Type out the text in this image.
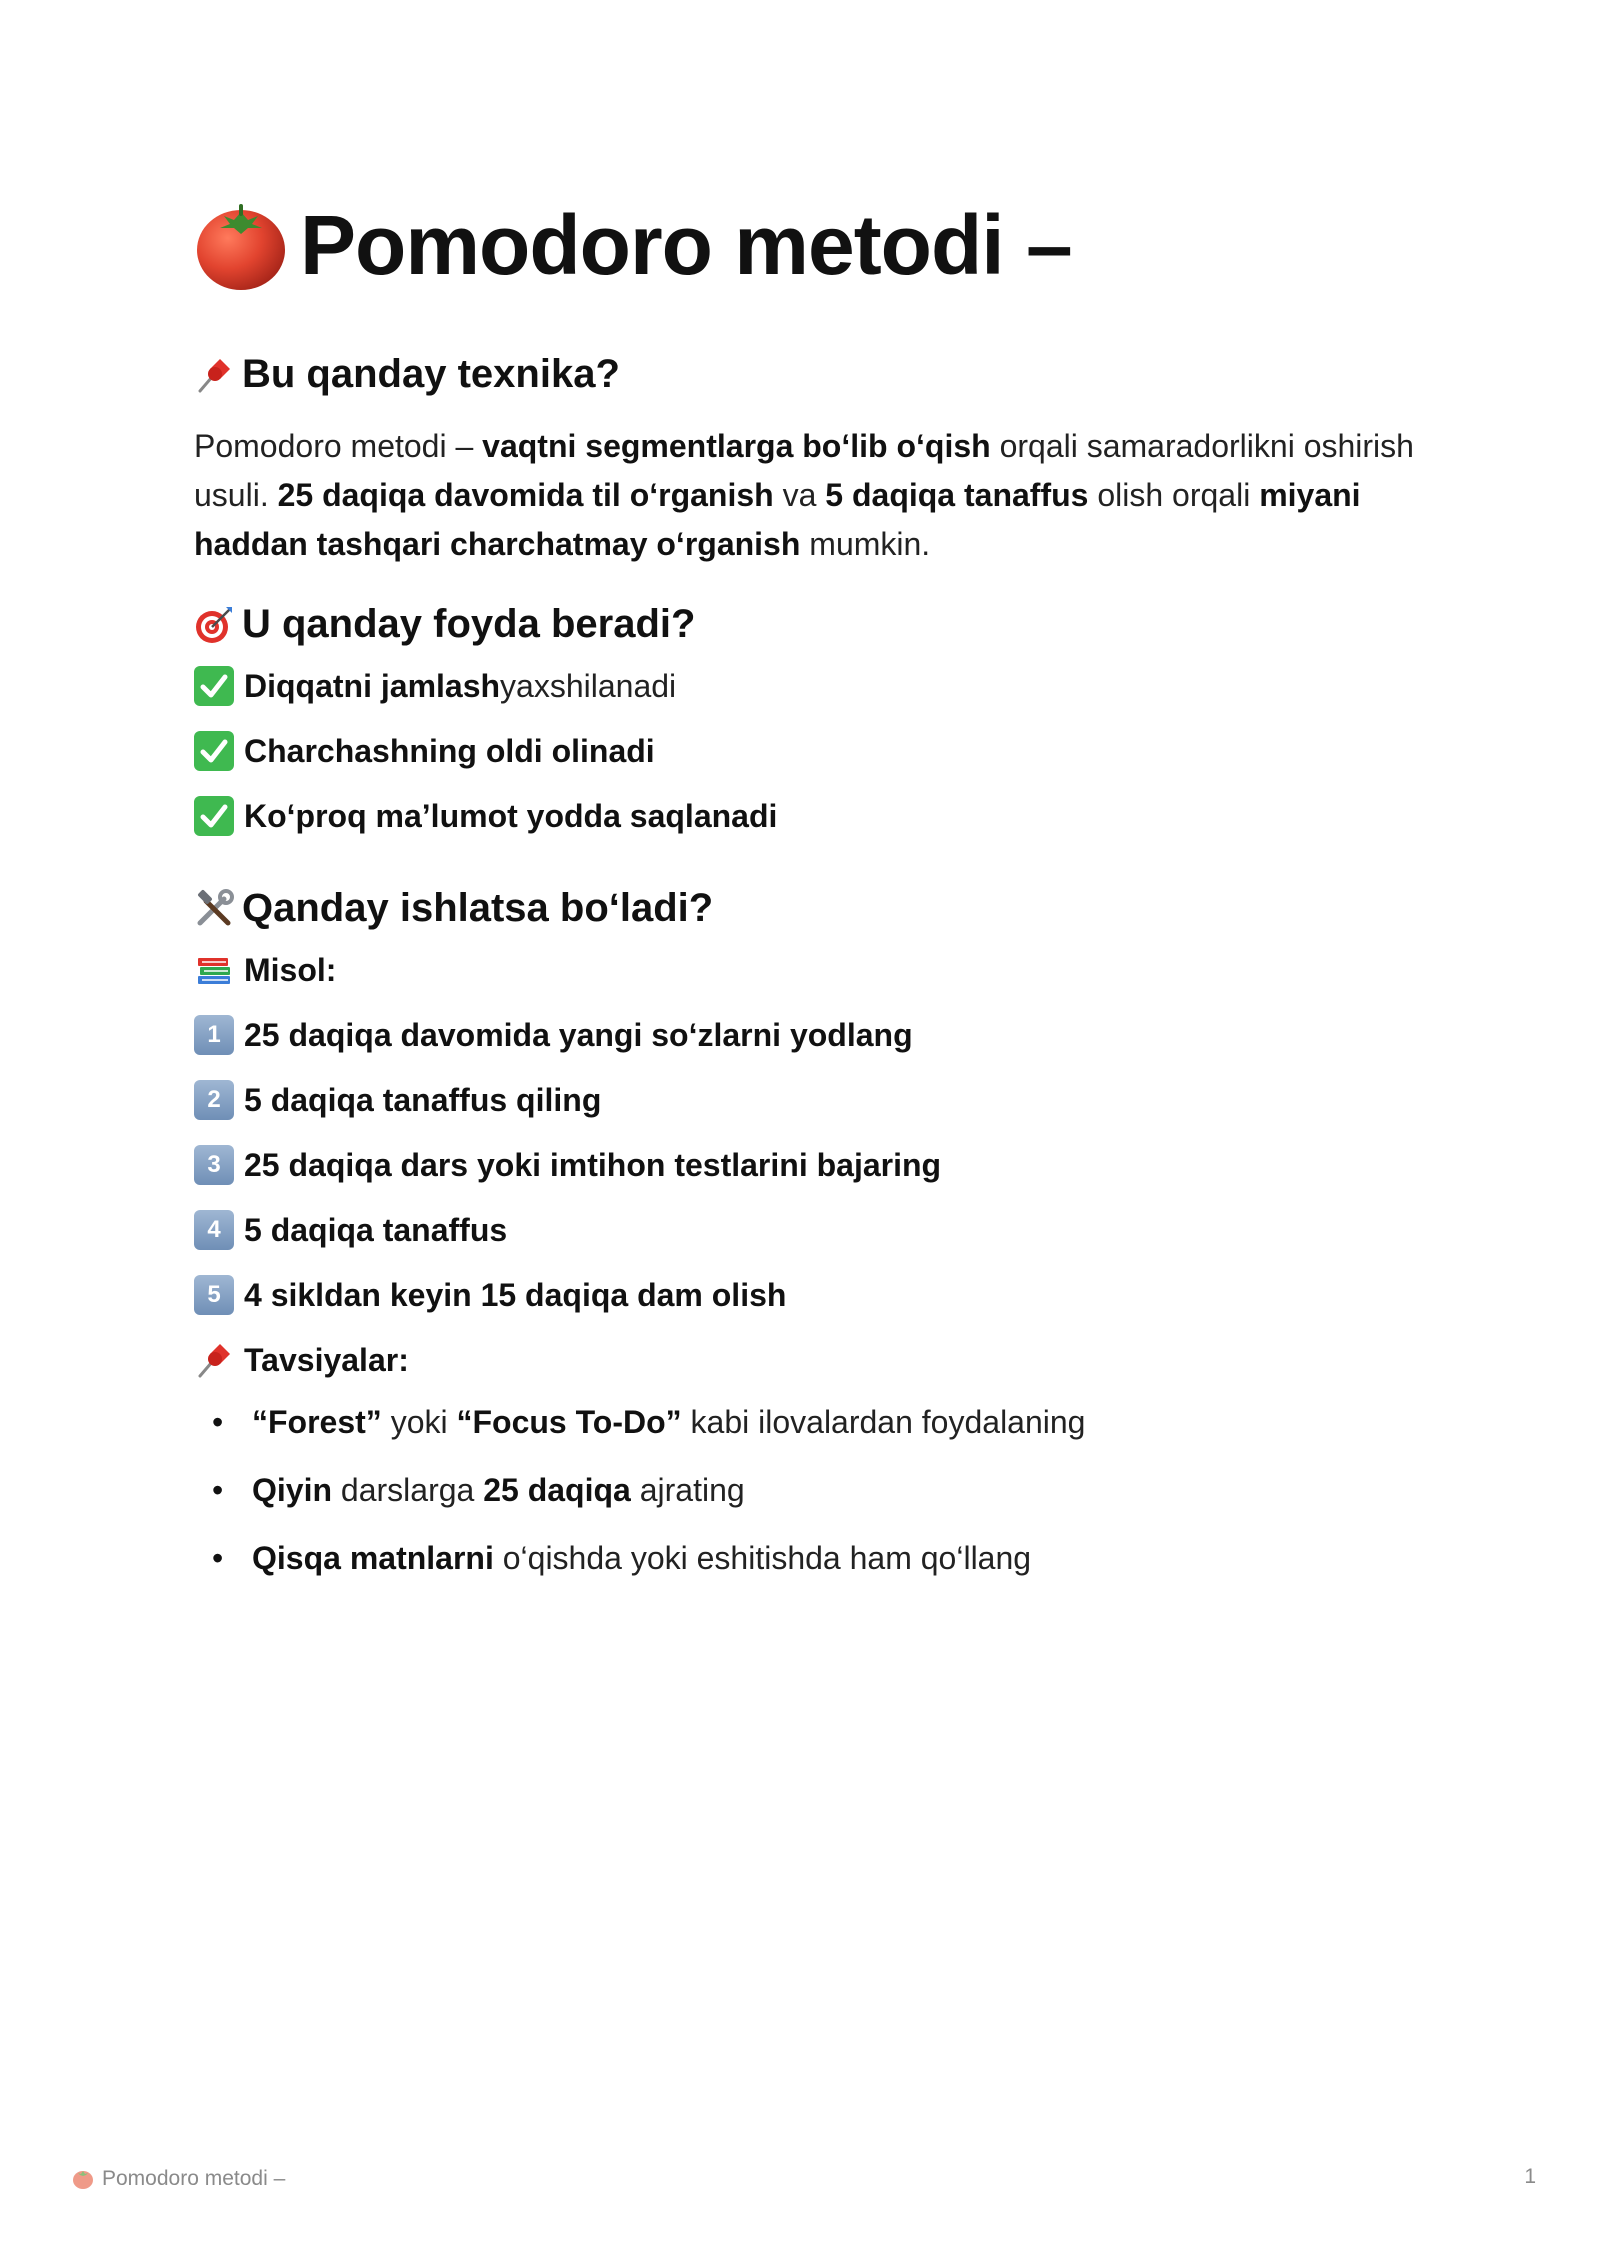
Pomodoro metodi –
Bu qanday texnika?

Pomodoro metodi – vaqtni segmentlarga bo‘lib o‘qish orqali samaradorlikni oshirish usuli. 25 daqiqa davomida til o‘rganish va 5 daqiqa tanaffus olish orqali miyani haddan tashqari charchatmay o‘rganish mumkin.

U qanday foyda beradi?
Diqqatni jamlash yaxshilanadi
Charchashning oldi olinadi
Ko‘proq ma’lumot yodda saqlanadi
Qanday ishlatsa bo‘ladi?
Misol:
1 25 daqiqa davomida yangi so‘zlarni yodlang
2 5 daqiqa tanaffus qiling
3 25 daqiqa dars yoki imtihon testlarini bajaring
4 5 daqiqa tanaffus
5 4 sikldan keyin 15 daqiqa dam olish
Tavsiyalar:
• “Forest” yoki “Focus To-Do” kabi ilovalardan foydalaning
• Qiyin darslarga 25 daqiqa ajrating
• Qisqa matnlarni o‘qishda yoki eshitishda ham qo‘llang
Pomodoro metodi –	1
